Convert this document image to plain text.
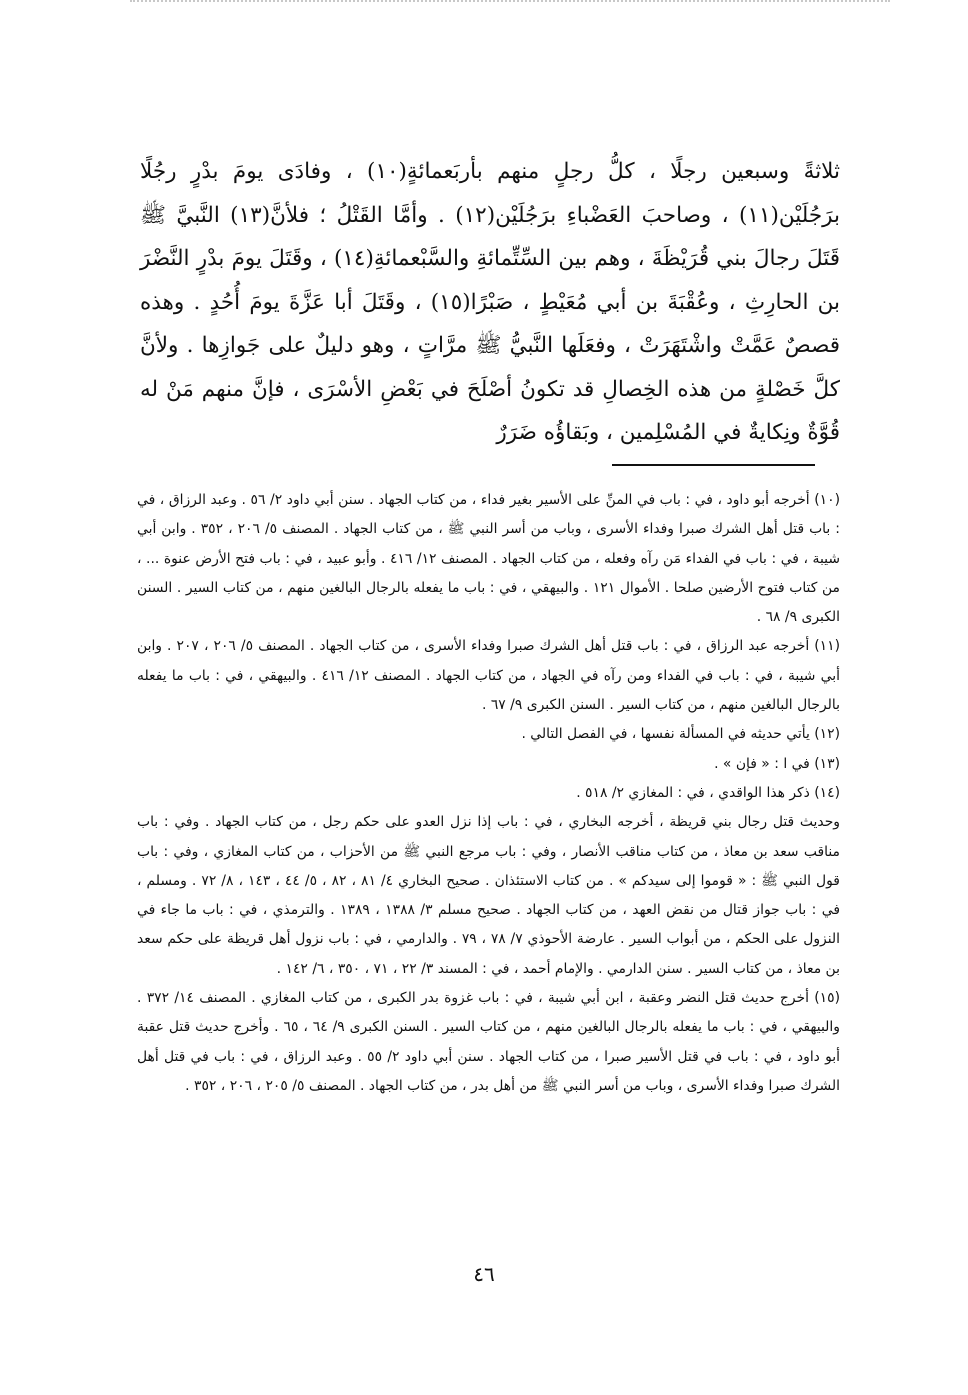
ثلاثةً وسبعين رجلًا ، كلُّ رجلٍ منهم بأربَعمائةٍ(١٠) ، وفادَى يومَ بدْرٍ رجُلًا برَجُلَيْن(١١) ، وصاحبَ العَضْباءِ برَجُلَيْن(١٢) . وأمَّا القَتْلُ ؛ فلأنَّ(١٣) النَّبيَّ ﷺ قَتَلَ رجالَ بني قُرَيْظَةَ ، وهم بين السِّتِّمائةِ والسَّبْعمائةِ(١٤) ، وقَتَلَ يومَ بدْرٍ النَّضْرَ بن الحارِثِ ، وعُقْبَةَ بن أبي مُعَيْطٍ ، صَبْرًا(١٥) ، وقَتَلَ أبا عَزَّةَ يومَ أُحُدٍ . وهذه قصصٌ عَمَّتْ واشْتَهَرَتْ ، وفعَلَها النَّبيُّ ﷺ مرَّاتٍ ، وهو دليلٌ على جَوازِها . ولأنَّ كلَّ خَصْلةٍ من هذه الخِصالِ قد تكونُ أصْلَحَ في بَعْضِ الأسْرَى ، فإنَّ منهم مَنْ له قُوَّةٌ ونِكايةٌ في المُسْلِمين ، وبَقاؤُه ضَرَرٌ

(١٠) أخرجه أبو داود ، في : باب في المنِّ على الأسير بغير فداء ، من كتاب الجهاد . سنن أبي داود ٢/ ٥٦ . وعبد الرزاق ، في : باب قتل أهل الشرك صبرا وفداء الأسرى ، وباب من أسر النبي ﷺ ، من كتاب الجهاد . المصنف ٥/ ٢٠٦ ، ٣٥٢ . وابن أبي شيبة ، في : باب في الفداء مَن رآه وفعله ، من كتاب الجهاد . المصنف ١٢/ ٤١٦ . وأبو عبيد ، في : باب فتح الأرض عنوة ... ، من كتاب فتوح الأرضين صلحا . الأموال ١٢١ . والبيهقي ، في : باب ما يفعله بالرجال البالغين منهم ، من كتاب السير . السنن الكبرى ٩/ ٦٨ .

(١١) أخرجه عبد الرزاق ، في : باب قتل أهل الشرك صبرا وفداء الأسرى ، من كتاب الجهاد . المصنف ٥/ ٢٠٦ ، ٢٠٧ . وابن أبي شيبة ، في : باب في الفداء ومن رآه في الجهاد ، من كتاب الجهاد . المصنف ١٢/ ٤١٦ . والبيهقي ، في : باب ما يفعله بالرجال البالغين منهم ، من كتاب السير . السنن الكبرى ٩/ ٦٧ .

(١٢) يأتي حديثه في المسألة نفسها ، في الفصل التالي .

(١٣) في ا : « فإن » .

(١٤) ذكر هذا الواقدي ، في : المغازي ٢/ ٥١٨ .

وحديث قتل رجال بني قريظة ، أخرجه البخاري ، في : باب إذا نزل العدو على حكم رجل ، من كتاب الجهاد . وفي : باب مناقب سعد بن معاذ ، من كتاب مناقب الأنصار ، وفي : باب مرجع النبي ﷺ من الأحزاب ، من كتاب المغازي ، وفي : باب قول النبي ﷺ : « قوموا إلى سيدكم » . من كتاب الاستئذان . صحيح البخاري ٤/ ٨١ ، ٨٢ ، ٥/ ٤٤ ، ١٤٣ ، ٨/ ٧٢ . ومسلم ، في : باب جواز قتال من نقض العهد ، من كتاب الجهاد . صحيح مسلم ٣/ ١٣٨٨ ، ١٣٨٩ . والترمذي ، في : باب ما جاء في النزول على الحكم ، من أبواب السير . عارضة الأحوذي ٧/ ٧٨ ، ٧٩ . والدارمي ، في : باب نزول أهل قريظة على حكم سعد بن معاذ ، من كتاب السير . سنن الدارمي . والإمام أحمد ، في : المسند ٣/ ٢٢ ، ٧١ ، ٣٥٠ ، ٦/ ١٤٢ .

(١٥) أخرج حديث قتل النضر وعقبة ، ابن أبي شيبة ، في : باب غزوة بدر الكبرى ، من كتاب المغازي . المصنف ١٤/ ٣٧٢ . والبيهقي ، في : باب ما يفعله بالرجال البالغين منهم ، من كتاب السير . السنن الكبرى ٩/ ٦٤ ، ٦٥ . وأخرج حديث قتل عقبة أبو داود ، في : باب في قتل الأسير صبرا ، من كتاب الجهاد . سنن أبي داود ٢/ ٥٥ . وعبد الرزاق ، في : باب في قتل أهل الشرك صبرا وفداء الأسرى ، وباب من أسر النبي ﷺ من أهل بدر ، من كتاب الجهاد . المصنف ٥/ ٢٠٥ ، ٢٠٦ ، ٣٥٢ .

٤٦
